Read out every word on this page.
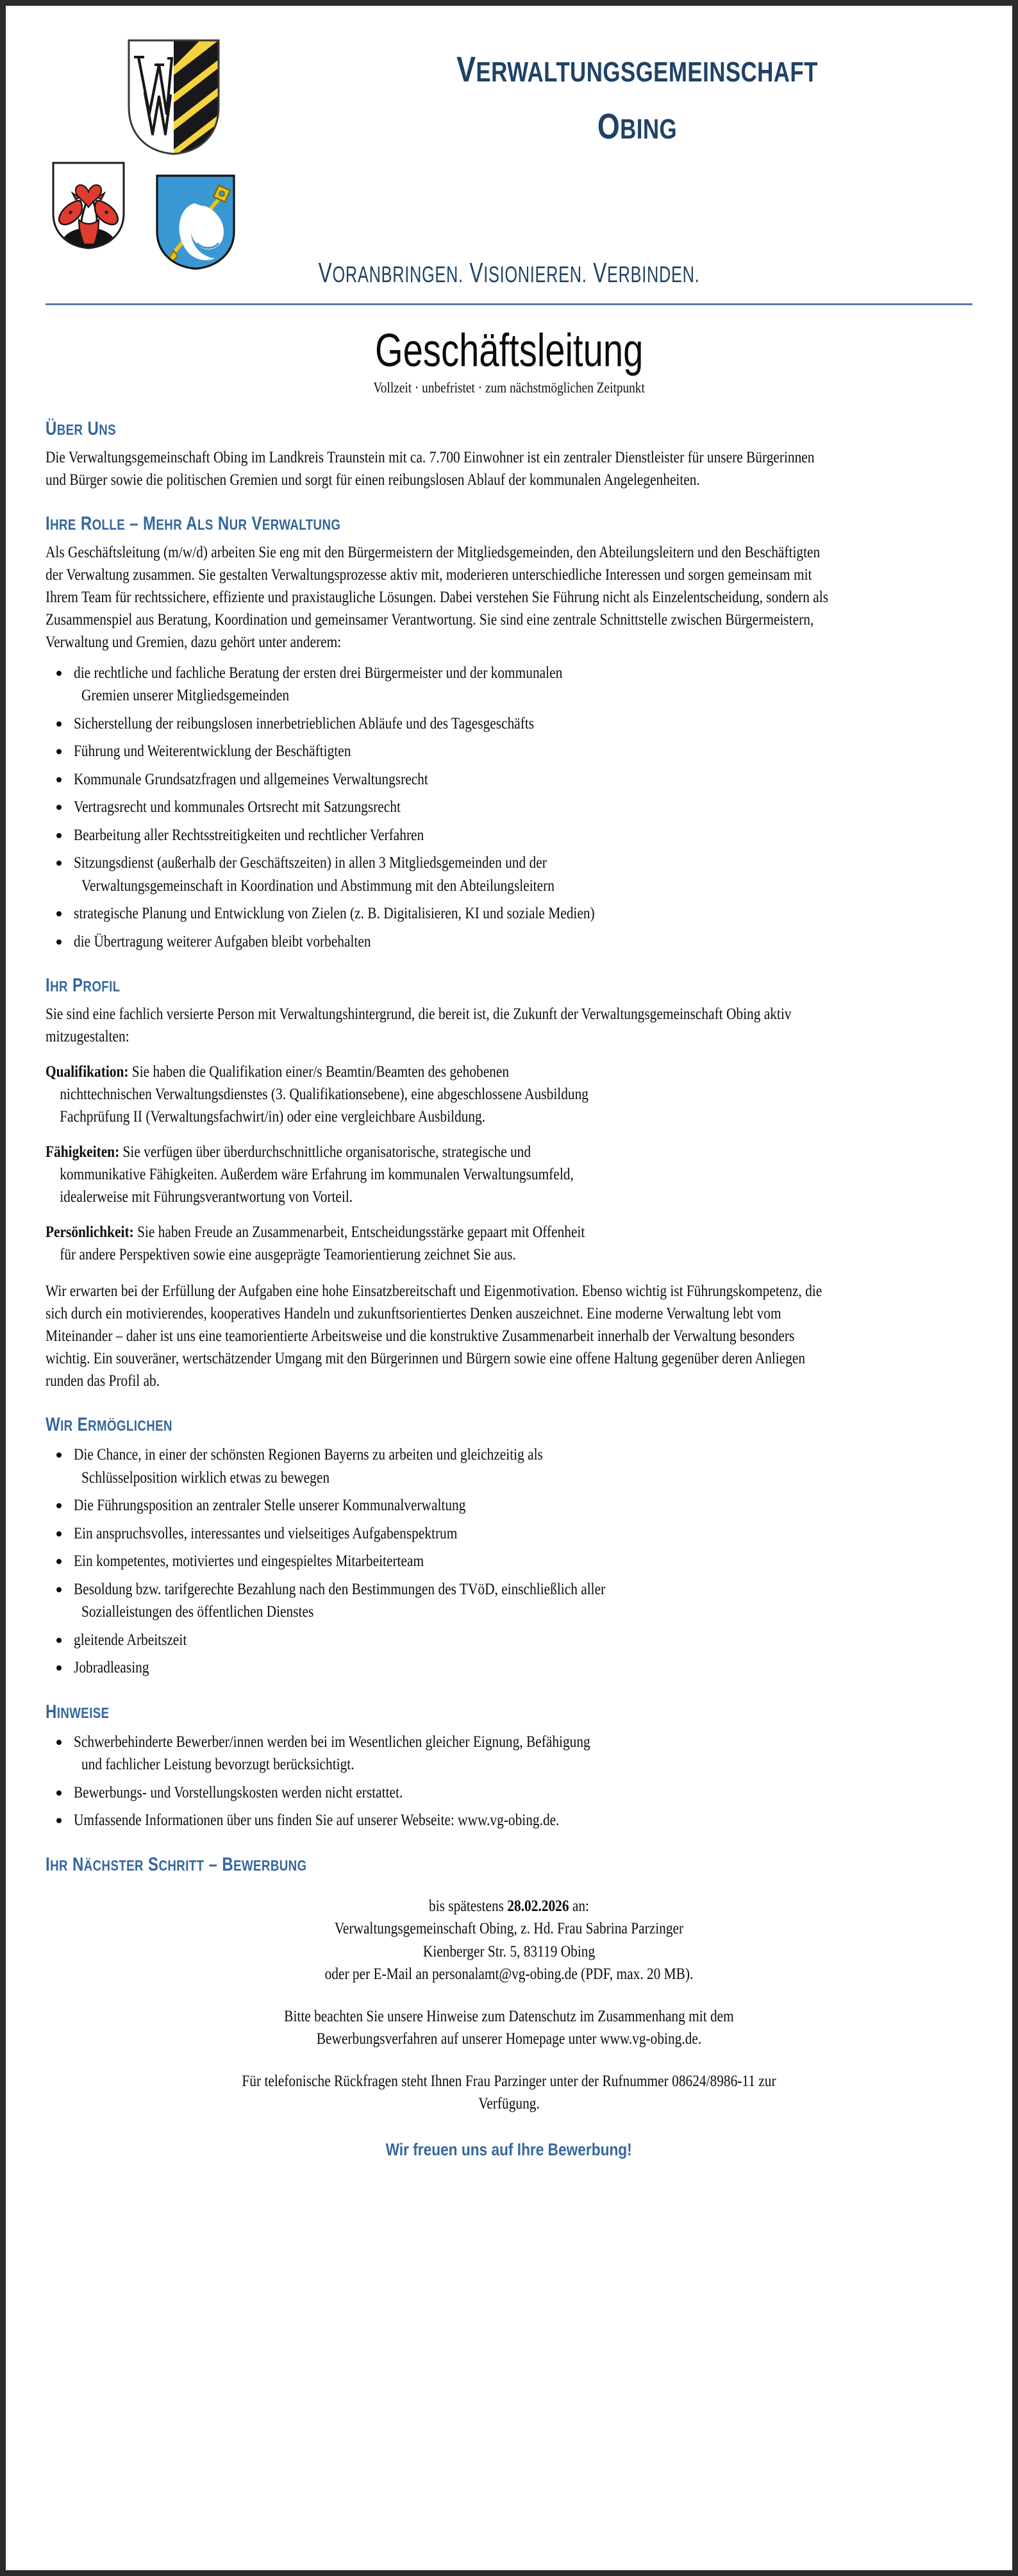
VERWALTUNGSGEMEINSCHAFT
OBING
VORANBRINGEN. VISIONIEREN. VERBINDEN.
Geschäftsleitung
Vollzeit · unbefristet · zum nächstmöglichen Zeitpunkt
ÜBER UNS

Die Verwaltungsgemeinschaft Obing im Landkreis Traunstein mit ca. 7.700 Einwohner ist ein zentraler Dienstleister für unsere Bürgerinnen und Bürger sowie die politischen Gremien und sorgt für einen reibungslosen Ablauf der kommunalen Angelegenheiten.

IHRE ROLLE – MEHR ALS NUR VERWALTUNG

Als Geschäftsleitung (m/w/d) arbeiten Sie eng mit den Bürgermeistern der Mitgliedsgemeinden, den Abteilungsleitern und den Beschäftigten der Verwaltung zusammen. Sie gestalten Verwaltungsprozesse aktiv mit, moderieren unterschiedliche Interessen und sorgen gemeinsam mit Ihrem Team für rechtssichere, effiziente und praxistaugliche Lösungen. Dabei verstehen Sie Führung nicht als Einzelentscheidung, sondern als Zusammenspiel aus Beratung, Koordination und gemeinsamer Verantwortung. Sie sind eine zentrale Schnittstelle zwischen Bürgermeistern, Verwaltung und Gremien, dazu gehört unter anderem:

die rechtliche und fachliche Beratung der ersten drei Bürgermeister und der kommunalen
Gremien unserer Mitgliedsgemeinden
Sicherstellung der reibungslosen innerbetrieblichen Abläufe und des Tagesgeschäfts
Führung und Weiterentwicklung der Beschäftigten
Kommunale Grundsatzfragen und allgemeines Verwaltungsrecht
Vertragsrecht und kommunales Ortsrecht mit Satzungsrecht
Bearbeitung aller Rechtsstreitigkeiten und rechtlicher Verfahren
Sitzungsdienst (außerhalb der Geschäftszeiten) in allen 3 Mitgliedsgemeinden und der
Verwaltungsgemeinschaft in Koordination und Abstimmung mit den Abteilungsleitern
strategische Planung und Entwicklung von Zielen (z. B. Digitalisieren, KI und soziale Medien)
die Übertragung weiterer Aufgaben bleibt vorbehalten
IHR PROFIL

Sie sind eine fachlich versierte Person mit Verwaltungshintergrund, die bereit ist, die Zukunft der Verwaltungsgemeinschaft Obing aktiv mitzugestalten:

Qualifikation: Sie haben die Qualifikation einer/s Beamtin/Beamten des gehobenen
nichttechnischen Verwaltungsdienstes (3. Qualifikationsebene), eine abgeschlossene Ausbildung
Fachprüfung II (Verwaltungsfachwirt/in) oder eine vergleichbare Ausbildung.

Fähigkeiten: Sie verfügen über überdurchschnittliche organisatorische, strategische und
kommunikative Fähigkeiten. Außerdem wäre Erfahrung im kommunalen Verwaltungsumfeld,
idealerweise mit Führungsverantwortung von Vorteil.

Persönlichkeit: Sie haben Freude an Zusammenarbeit, Entscheidungsstärke gepaart mit Offenheit
für andere Perspektiven sowie eine ausgeprägte Teamorientierung zeichnet Sie aus.

Wir erwarten bei der Erfüllung der Aufgaben eine hohe Einsatzbereitschaft und Eigenmotivation. Ebenso wichtig ist Führungskompetenz, die sich durch ein motivierendes, kooperatives Handeln und zukunftsorientiertes Denken auszeichnet. Eine moderne Verwaltung lebt vom Miteinander – daher ist uns eine teamorientierte Arbeitsweise und die konstruktive Zusammenarbeit innerhalb der Verwaltung besonders wichtig. Ein souveräner, wertschätzender Umgang mit den Bürgerinnen und Bürgern sowie eine offene Haltung gegenüber deren Anliegen runden das Profil ab.

WIR ERMÖGLICHEN
Die Chance, in einer der schönsten Regionen Bayerns zu arbeiten und gleichzeitig als
Schlüsselposition wirklich etwas zu bewegen
Die Führungsposition an zentraler Stelle unserer Kommunalverwaltung
Ein anspruchsvolles, interessantes und vielseitiges Aufgabenspektrum
Ein kompetentes, motiviertes und eingespieltes Mitarbeiterteam
Besoldung bzw. tarifgerechte Bezahlung nach den Bestimmungen des TVöD, einschließlich aller
Sozialleistungen des öffentlichen Dienstes
gleitende Arbeitszeit
Jobradleasing
HINWEISE
Schwerbehinderte Bewerber/innen werden bei im Wesentlichen gleicher Eignung, Befähigung
und fachlicher Leistung bevorzugt berücksichtigt.
Bewerbungs- und Vorstellungskosten werden nicht erstattet.
Umfassende Informationen über uns finden Sie auf unserer Webseite: www.vg-obing.de.
IHR NÄCHSTER SCHRITT – BEWERBUNG
bis spätestens 28.02.2026 an:
Verwaltungsgemeinschaft Obing, z. Hd. Frau Sabrina Parzinger
Kienberger Str. 5, 83119 Obing
oder per E-Mail an personalamt@vg-obing.de (PDF, max. 20 MB).
Bitte beachten Sie unsere Hinweise zum Datenschutz im Zusammenhang mit dem
Bewerbungsverfahren auf unserer Homepage unter www.vg-obing.de.
Für telefonische Rückfragen steht Ihnen Frau Parzinger unter der Rufnummer 08624/8986-11 zur
Verfügung.
Wir freuen uns auf Ihre Bewerbung!
